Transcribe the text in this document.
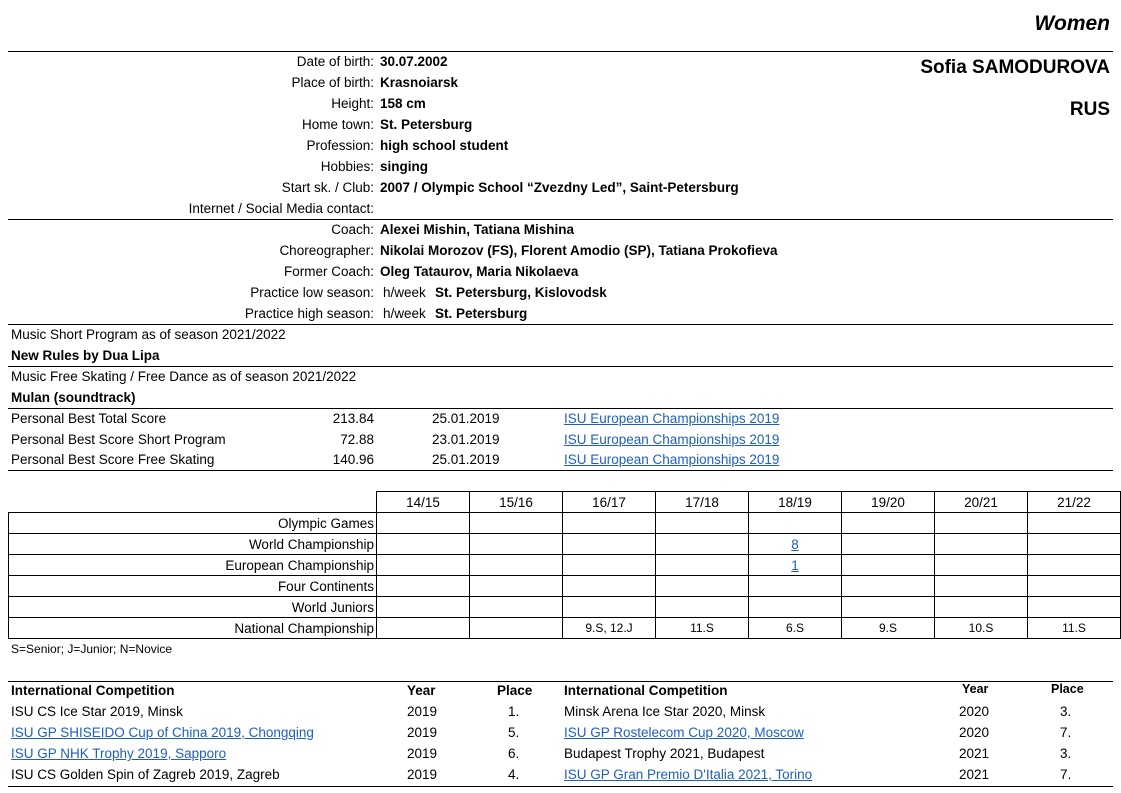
Women
Sofia SAMODUROVA
RUS
Date of birth: 30.07.2002
Place of birth: Krasnoiarsk
Height: 158 cm
Home town: St. Petersburg
Profession: high school student
Hobbies: singing
Start sk. / Club: 2007 / Olympic School “Zvezdny Led”, Saint-Petersburg
Internet / Social Media contact:
Coach: Alexei Mishin, Tatiana Mishina
Choreographer: Nikolai Morozov (FS), Florent Amodio (SP), Tatiana Prokofieva
Former Coach: Oleg Tataurov, Maria Nikolaeva
Practice low season: h/week St. Petersburg, Kislovodsk
Practice high season: h/week St. Petersburg
Music Short Program as of season 2021/2022
New Rules by Dua Lipa
Music Free Skating / Free Dance as of season 2021/2022
Mulan (soundtrack)
Personal Best Total Score	213.84	25.01.2019	ISU European Championships 2019
Personal Best Score Short Program	72.88	23.01.2019	ISU European Championships 2019
Personal Best Score Free Skating	140.96	25.01.2019	ISU European Championships 2019
	14/15	15/16	16/17	17/18	18/19	19/20	20/21	21/22
Olympic Games								
World Championship					8			
European Championship					1			
Four Continents								
World Juniors								
National Championship			9.S, 12.J	11.S	6.S	9.S	10.S	11.S
S=Senior; J=Junior; N=Novice
International Competition	Year	Place International Competition	Year	Place
ISU CS Ice Star 2019, Minsk	2019	1.	Minsk Arena Ice Star 2020, Minsk	2020	3.
ISU GP SHISEIDO Cup of China 2019, Chongqing	2019	5.	ISU GP Rostelecom Cup 2020, Moscow	2020	7.
ISU GP NHK Trophy 2019, Sapporo	2019	6.	Budapest Trophy 2021, Budapest	2021	3.
ISU CS Golden Spin of Zagreb 2019, Zagreb	2019	4.	ISU GP Gran Premio D'Italia 2021, Torino	2021	7.
